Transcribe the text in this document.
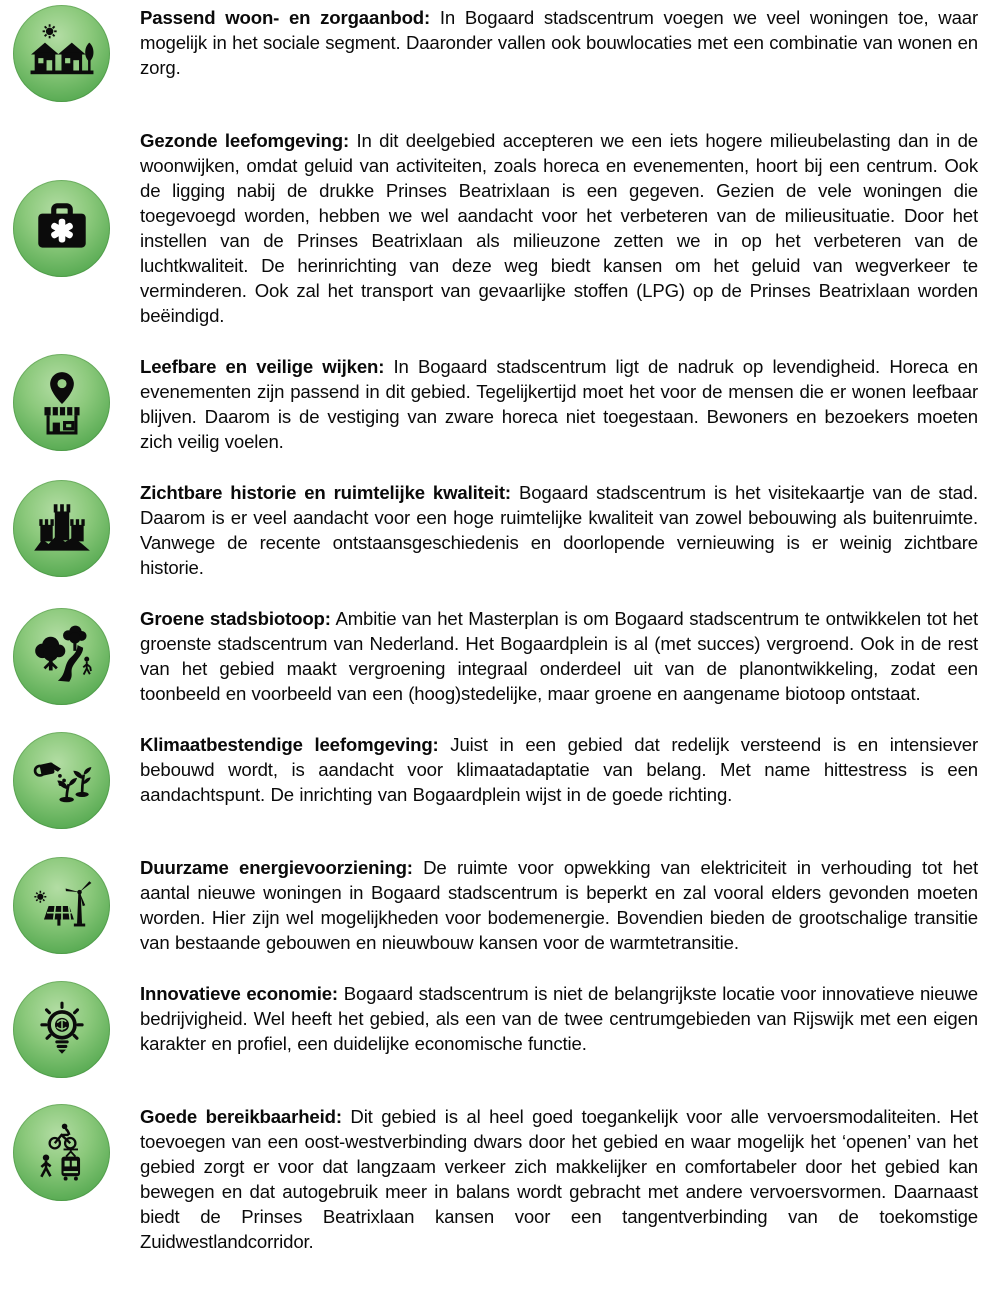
Passend woon- en zorgaanbod: In Bogaard stadscentrum voegen we veel woningen toe, waar mogelijk in het sociale segment. Daaronder vallen ook bouwlocaties met een combinatie van wonen en zorg.

Gezonde leefomgeving: In dit deelgebied accepteren we een iets hogere milieubelasting dan in de woonwijken, omdat geluid van activiteiten, zoals horeca en evenementen, hoort bij een centrum. Ook de ligging nabij de drukke Prinses Beatrixlaan is een gegeven. Gezien de vele woningen die toegevoegd worden, hebben we wel aandacht voor het verbeteren van de milieusituatie. Door het instellen van de Prinses Beatrixlaan als milieuzone zetten we in op het verbeteren van de luchtkwaliteit. De herinrichting van deze weg biedt kansen om het geluid van wegverkeer te verminderen. Ook zal het transport van gevaarlijke stoffen (LPG) op de Prinses Beatrixlaan worden beëindigd.

Leefbare en veilige wijken: In Bogaard stadscentrum ligt de nadruk op levendigheid. Horeca en evenementen zijn passend in dit gebied. Tegelijkertijd moet het voor de mensen die er wonen leefbaar blijven. Daarom is de vestiging van zware horeca niet toegestaan. Bewoners en bezoekers moeten zich veilig voelen.

Zichtbare historie en ruimtelijke kwaliteit: Bogaard stadscentrum is het visitekaartje van de stad. Daarom is er veel aandacht voor een hoge ruimtelijke kwaliteit van zowel bebouwing als buitenruimte. Vanwege de recente ontstaansgeschiedenis en doorlopende vernieuwing is er weinig zichtbare historie.

Groene stadsbiotoop: Ambitie van het Masterplan is om Bogaard stadscentrum te ontwikkelen tot het groenste stadscentrum van Nederland. Het Bogaardplein is al (met succes) vergroend. Ook in de rest van het gebied maakt vergroening integraal onderdeel uit van de planontwikkeling, zodat een toonbeeld en voorbeeld van een (hoog)stedelijke, maar groene en aangename biotoop ontstaat.

Klimaatbestendige leefomgeving: Juist in een gebied dat redelijk versteend is en intensiever bebouwd wordt, is aandacht voor klimaatadaptatie van belang. Met name hittestress is een aandachtspunt. De inrichting van Bogaardplein wijst in de goede richting.

Duurzame energievoorziening: De ruimte voor opwekking van elektriciteit in verhouding tot het aantal nieuwe woningen in Bogaard stadscentrum is beperkt en zal vooral elders gevonden moeten worden. Hier zijn wel mogelijkheden voor bodemenergie. Bovendien bieden de grootschalige transitie van bestaande gebouwen en nieuwbouw kansen voor de warmtetransitie.

Innovatieve economie: Bogaard stadscentrum is niet de belangrijkste locatie voor innovatieve nieuwe bedrijvigheid. Wel heeft het gebied, als een van de twee centrumgebieden van Rijswijk met een eigen karakter en profiel, een duidelijke economische functie.

Goede bereikbaarheid: Dit gebied is al heel goed toegankelijk voor alle vervoersmodaliteiten. Het toevoegen van een oost-westverbinding dwars door het gebied en waar mogelijk het ‘openen’ van het gebied zorgt er voor dat langzaam verkeer zich makkelijker en comfortabeler door het gebied kan bewegen en dat autogebruik meer in balans wordt gebracht met andere vervoersvormen. Daarnaast biedt de Prinses Beatrixlaan kansen voor een tangentverbinding van de toekomstige Zuidwestlandcorridor.
